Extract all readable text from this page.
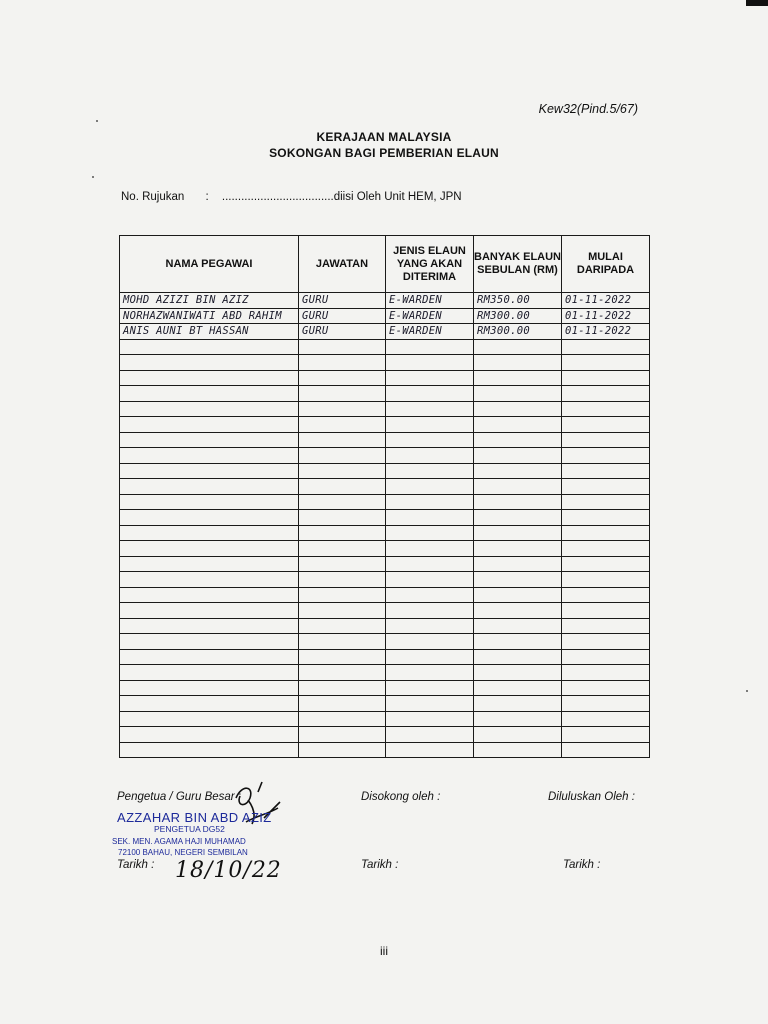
Kew32(Pind.5/67)
KERAJAAN MALAYSIA
SOKONGAN BAGI PEMBERIAN ELAUN
No. Rujukan : ...................................diisi Oleh Unit HEM, JPN
NAMA PEGAWAI	JAWATAN	JENIS ELAUN YANG AKAN DITERIMA	BANYAK ELAUN SEBULAN (RM)	MULAI DARIPADA
MOHD AZIZI BIN AZIZ	GURU	E-WARDEN	RM350.00	01-11-2022
NORHAZWANIWATI ABD RAHIM	GURU	E-WARDEN	RM300.00	01-11-2022
ANIS AUNI BT HASSAN	GURU	E-WARDEN	RM300.00	01-11-2022

Pengetua / Guru Besar :	Disokong oleh :	Diluluskan Oleh :
AZZAHAR BIN ABD AZIZ
PENGETUA DG52
SEK. MEN. AGAMA HAJI MUHAMAD
72100 BAHAU, NEGERI SEMBILAN
Tarikh : 18/10/22	Tarikh :	Tarikh :
iii
